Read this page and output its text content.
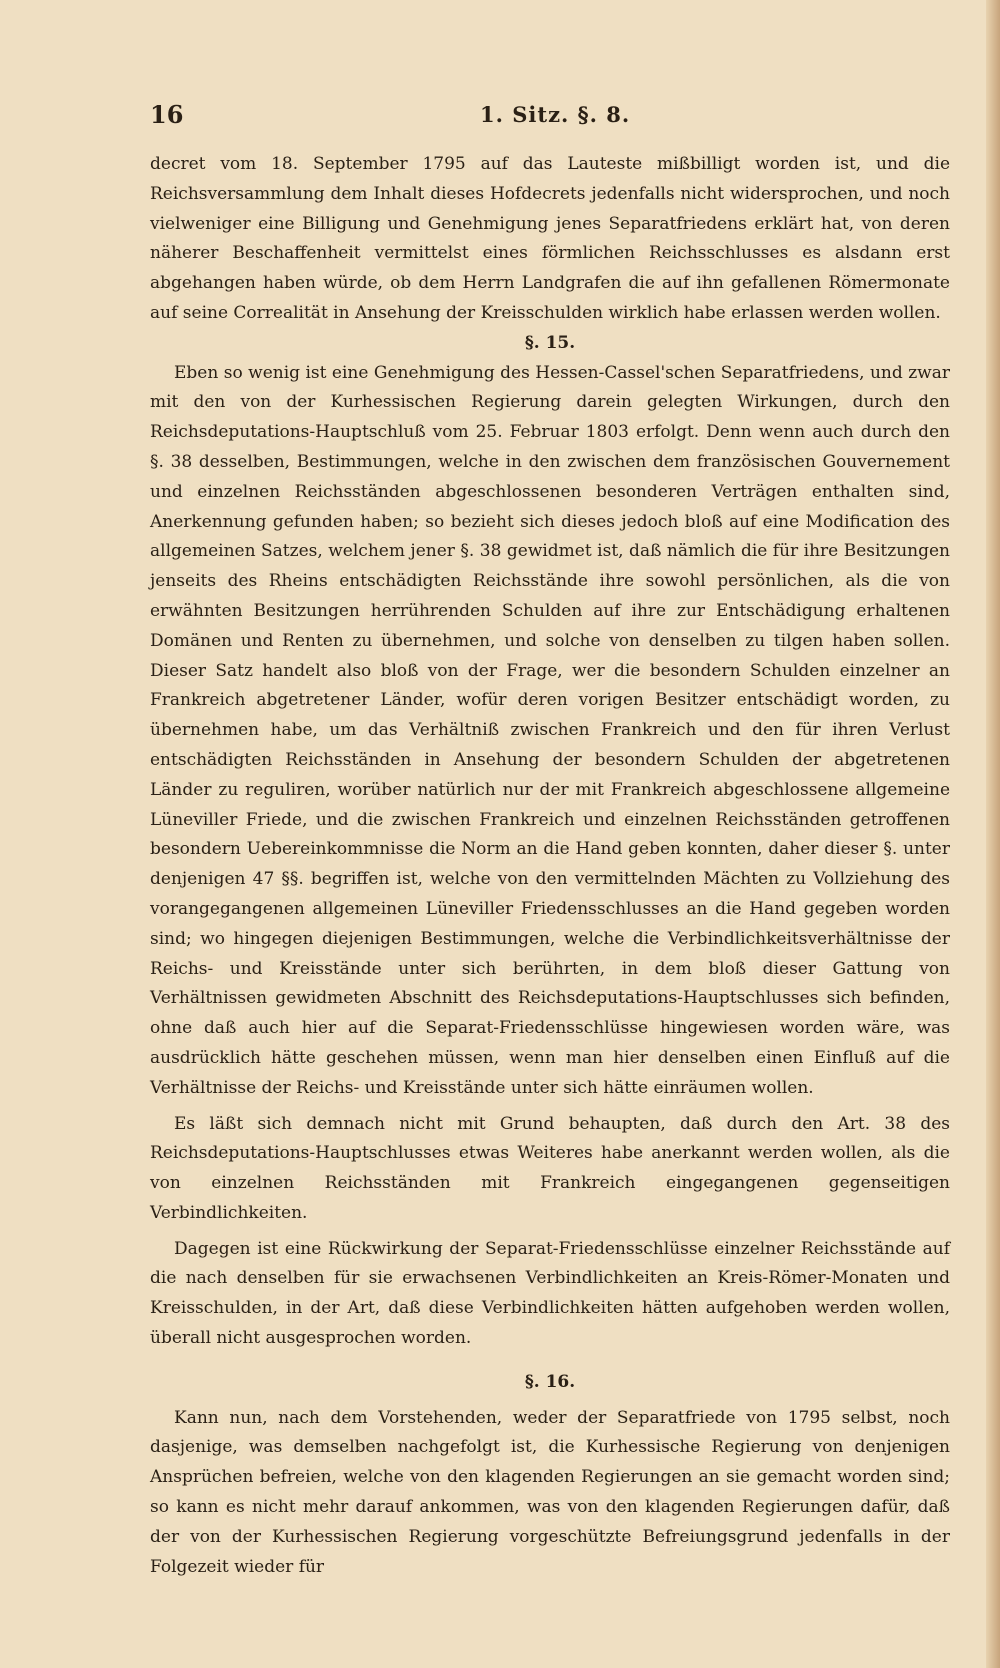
16	1. Sitz. §. 8.

decret vom 18. September 1795 auf das Lauteste mißbilligt worden ist, und die Reichsversammlung dem Inhalt dieses Hofdecrets jedenfalls nicht widersprochen, und noch vielweniger eine Billigung und Genehmigung jenes Separatfriedens erklärt hat, von deren näherer Beschaffenheit vermittelst eines förmlichen Reichsschlusses es alsdann erst abgehangen haben würde, ob dem Herrn Landgrafen die auf ihn gefallenen Römermonate auf seine Correalität in Ansehung der Kreisschulden wirklich habe erlassen werden wollen.

§. 15.

Eben so wenig ist eine Genehmigung des Hessen-Cassel'schen Separatfriedens, und zwar mit den von der Kurhessischen Regierung darein gelegten Wirkungen, durch den Reichsdeputations-Hauptschluß vom 25. Februar 1803 erfolgt. Denn wenn auch durch den §. 38 desselben, Bestimmungen, welche in den zwischen dem französischen Gouvernement und einzelnen Reichsständen abgeschlossenen besonderen Verträgen enthalten sind, Anerkennung gefunden haben; so bezieht sich dieses jedoch bloß auf eine Modification des allgemeinen Satzes, welchem jener §. 38 gewidmet ist, daß nämlich die für ihre Besitzungen jenseits des Rheins entschädigten Reichsstände ihre sowohl persönlichen, als die von erwähnten Besitzungen herrührenden Schulden auf ihre zur Entschädigung erhaltenen Domänen und Renten zu übernehmen, und solche von denselben zu tilgen haben sollen. Dieser Satz handelt also bloß von der Frage, wer die besondern Schulden einzelner an Frankreich abgetretener Länder, wofür deren vorigen Besitzer entschädigt worden, zu übernehmen habe, um das Verhältniß zwischen Frankreich und den für ihren Verlust entschädigten Reichsständen in Ansehung der besondern Schulden der abgetretenen Länder zu reguliren, worüber natürlich nur der mit Frankreich abgeschlossene allgemeine Lüneviller Friede, und die zwischen Frankreich und einzelnen Reichsständen getroffenen besondern Uebereinkommnisse die Norm an die Hand geben konnten, daher dieser §. unter denjenigen 47 §§. begriffen ist, welche von den vermittelnden Mächten zu Vollziehung des vorangegangenen allgemeinen Lüneviller Friedensschlusses an die Hand gegeben worden sind; wo hingegen diejenigen Bestimmungen, welche die Verbindlichkeitsverhältnisse der Reichs- und Kreisstände unter sich berührten, in dem bloß dieser Gattung von Verhältnissen gewidmeten Abschnitt des Reichsdeputations-Hauptschlusses sich befinden, ohne daß auch hier auf die Separat-Friedensschlüsse hingewiesen worden wäre, was ausdrücklich hätte geschehen müssen, wenn man hier denselben einen Einfluß auf die Verhältnisse der Reichs- und Kreisstände unter sich hätte einräumen wollen.

Es läßt sich demnach nicht mit Grund behaupten, daß durch den Art. 38 des Reichsdeputations-Hauptschlusses etwas Weiteres habe anerkannt werden wollen, als die von einzelnen Reichsständen mit Frankreich eingegangenen gegenseitigen Verbindlichkeiten.

Dagegen ist eine Rückwirkung der Separat-Friedensschlüsse einzelner Reichsstände auf die nach denselben für sie erwachsenen Verbindlichkeiten an Kreis-Römer-Monaten und Kreisschulden, in der Art, daß diese Verbindlichkeiten hätten aufgehoben werden wollen, überall nicht ausgesprochen worden.

§. 16.

Kann nun, nach dem Vorstehenden, weder der Separatfriede von 1795 selbst, noch dasjenige, was demselben nachgefolgt ist, die Kurhessische Regierung von denjenigen Ansprüchen befreien, welche von den klagenden Regierungen an sie gemacht worden sind; so kann es nicht mehr darauf ankommen, was von den klagenden Regierungen dafür, daß der von der Kurhessischen Regierung vorgeschützte Befreiungsgrund jedenfalls in der Folgezeit wieder für
